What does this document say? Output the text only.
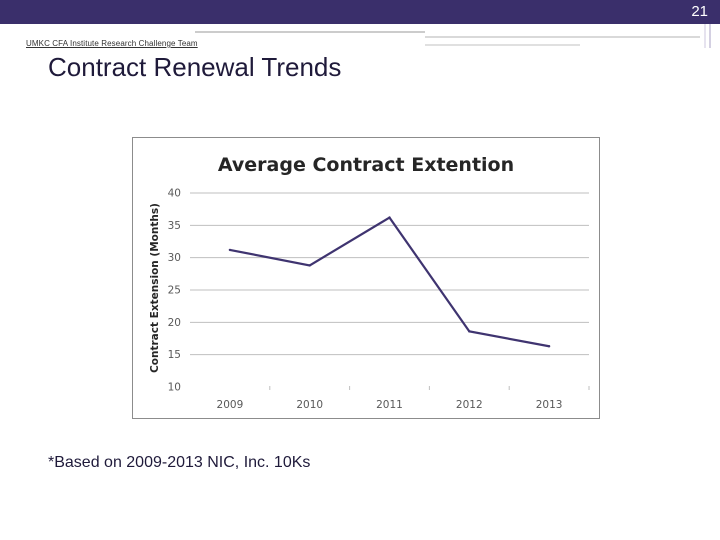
21
UMKC CFA Institute Research Challenge Team
Contract Renewal Trends
Average Contract Extention
Contract Extension (Months)
10
15
20
25
30
35
40
2009	2010	2011	2012	2013
*Based on 2009-2013 NIC, Inc. 10Ks
